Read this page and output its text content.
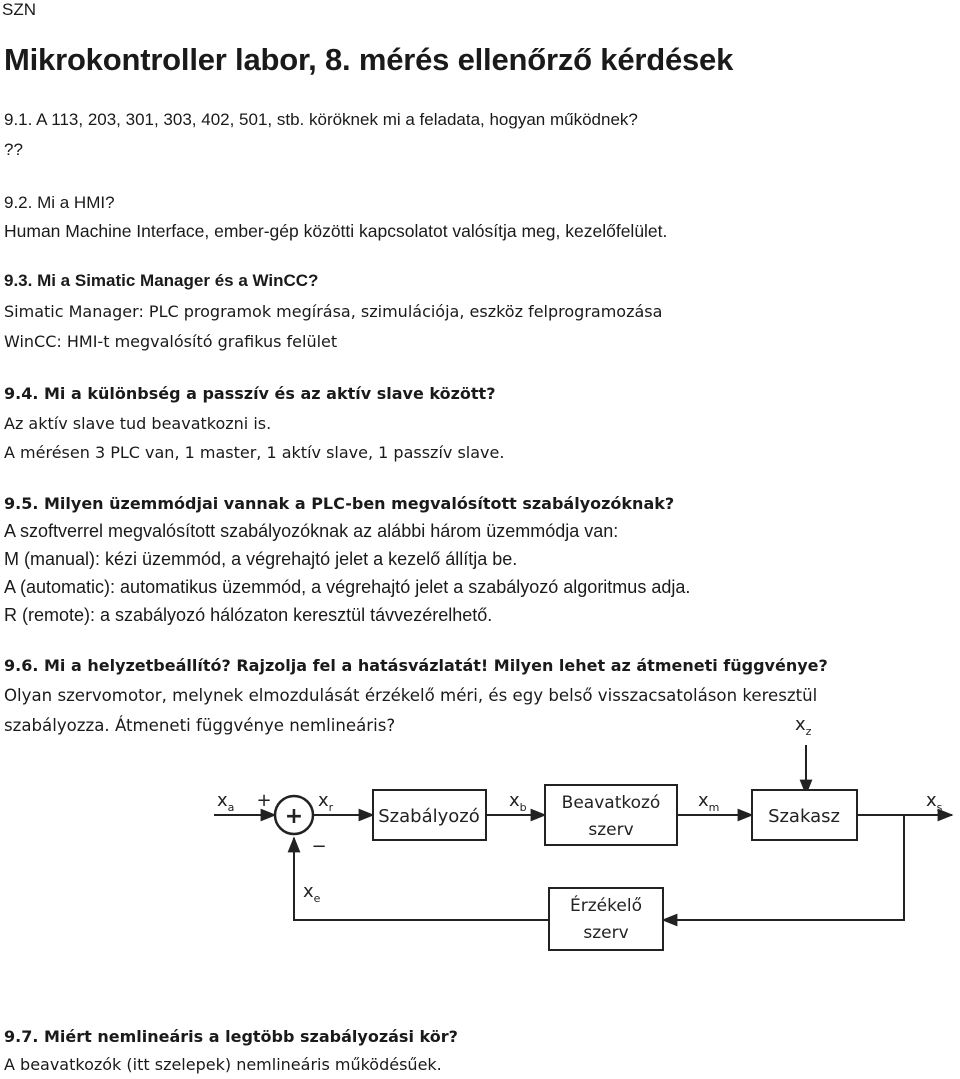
SZN
Mikrokontroller labor, 8. mérés ellenőrző kérdések
9.1. A 113, 203, 301, 303, 402, 501, stb. köröknek mi a feladata, hogyan működnek?
??
9.2. Mi a HMI?
Human Machine Interface, ember-gép közötti kapcsolatot valósítja meg, kezelőfelület.
9.3. Mi a Simatic Manager és a WinCC?
Simatic Manager: PLC programok megírása, szimulációja, eszköz felprogramozása
WinCC: HMI-t megvalósító grafikus felület
9.4. Mi a különbség a passzív és az aktív slave között?
Az aktív slave tud beavatkozni is.
A mérésen 3 PLC van, 1 master, 1 aktív slave, 1 passzív slave.
9.5. Milyen üzemmódjai vannak a PLC-ben megvalósított szabályozóknak?
A szoftverrel megvalósított szabályozóknak az alábbi három üzemmódja van:
M (manual): kézi üzemmód, a végrehajtó jelet a kezelő állítja be.
A (automatic): automatikus üzemmód, a végrehajtó jelet a szabályozó algoritmus adja.
R (remote): a szabályozó hálózaton keresztül távvezérelhető.
9.6. Mi a helyzetbeállító? Rajzolja fel a hatásvázlatát! Milyen lehet az átmeneti függvénye?
Olyan szervomotor, melynek elmozdulását érzékelő méri, és egy belső visszacsatoláson keresztül
szabályozza. Átmeneti függvénye nemlineáris?
+
+
−
Szabályozó
Beavatkozó
szerv
Szakasz
Érzékelő
szerv
$x_a$	$x_r$	$x_b$	$x_m$	$x_s$
$x_z$
$x_e$
9.7. Miért nemlineáris a legtöbb szabályozási kör?
A beavatkozók (itt szelepek) nemlineáris működésűek.
